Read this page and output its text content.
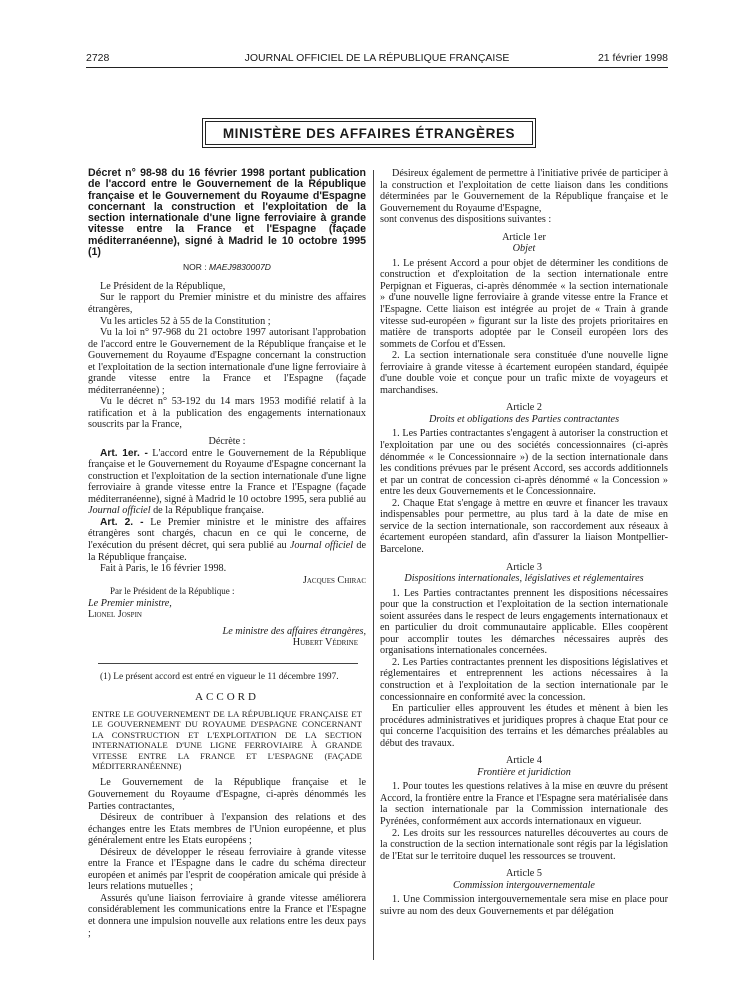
2728	JOURNAL OFFICIEL DE LA RÉPUBLIQUE FRANÇAISE	21 février 1998
MINISTÈRE DES AFFAIRES ÉTRANGÈRES

Décret n° 98-98 du 16 février 1998 portant publication de l'accord entre le Gouvernement de la République française et le Gouvernement du Royaume d'Espagne concernant la construction et l'exploitation de la section internationale d'une ligne ferroviaire à grande vitesse entre la France et l'Espagne (façade méditerranéenne), signé à Madrid le 10 octobre 1995 (1)

NOR : MAEJ9830007D

Le Président de la République,

Sur le rapport du Premier ministre et du ministre des affaires étrangères,

Vu les articles 52 à 55 de la Constitution ;

Vu la loi n° 97-968 du 21 octobre 1997 autorisant l'approbation de l'accord entre le Gouvernement de la République française et le Gouvernement du Royaume d'Espagne concernant la construction et l'exploitation de la section internationale d'une ligne ferroviaire à grande vitesse entre la France et l'Espagne (façade méditerranéenne) ;

Vu le décret n° 53-192 du 14 mars 1953 modifié relatif à la ratification et à la publication des engagements internationaux souscrits par la France,

Décrète :

Art. 1er. - L'accord entre le Gouvernement de la République française et le Gouvernement du Royaume d'Espagne concernant la construction et l'exploitation de la section internationale d'une ligne ferroviaire à grande vitesse entre la France et l'Espagne (façade méditerranéenne), signé à Madrid le 10 octobre 1995, sera publié au Journal officiel de la République française.

Art. 2. - Le Premier ministre et le ministre des affaires étrangères sont chargés, chacun en ce qui le concerne, de l'exécution du présent décret, qui sera publié au Journal officiel de la République française.

Fait à Paris, le 16 février 1998.

Jacques Chirac

Par le Président de la République :

Le Premier ministre,

Lionel Jospin

Le ministre des affaires étrangères,

Hubert Védrine

(1) Le présent accord est entré en vigueur le 11 décembre 1997.

ACCORD

ENTRE LE GOUVERNEMENT DE LA RÉPUBLIQUE FRANÇAISE ET LE GOUVERNEMENT DU ROYAUME D'ESPAGNE CONCERNANT LA CONSTRUCTION ET L'EXPLOITATION DE LA SECTION INTERNATIONALE D'UNE LIGNE FERROVIAIRE À GRANDE VITESSE ENTRE LA FRANCE ET L'ESPAGNE (FAÇADE MÉDITERRANÉENNE)

Le Gouvernement de la République française et le Gouvernement du Royaume d'Espagne, ci-après dénommés les Parties contractantes,

Désireux de contribuer à l'expansion des relations et des échanges entre les Etats membres de l'Union européenne, et plus généralement entre les Etats européens ;

Désireux de développer le réseau ferroviaire à grande vitesse entre la France et l'Espagne dans le cadre du schéma directeur européen et animés par l'esprit de coopération amicale qui préside à leurs relations mutuelles ;

Assurés qu'une liaison ferroviaire à grande vitesse améliorera considérablement les communications entre la France et l'Espagne et donnera une impulsion nouvelle aux relations entre les deux pays ;

Désireux également de permettre à l'initiative privée de participer à la construction et l'exploitation de cette liaison dans les conditions déterminées par le Gouvernement de la République française et le Gouvernement du Royaume d'Espagne,

sont convenus des dispositions suivantes :

Article 1er

Objet

1. Le présent Accord a pour objet de déterminer les conditions de construction et d'exploitation de la section internationale entre Perpignan et Figueras, ci-après dénommée « la section internationale » d'une nouvelle ligne ferroviaire à grande vitesse entre la France et l'Espagne. Cette liaison est intégrée au projet de « Train à grande vitesse sud-européen » figurant sur la liste des projets prioritaires en matière de transports adoptée par le Conseil européen lors des sommets de Corfou et d'Essen.

2. La section internationale sera constituée d'une nouvelle ligne ferroviaire à grande vitesse à écartement européen standard, équipée d'une double voie et conçue pour un trafic mixte de voyageurs et marchandises.

Article 2

Droits et obligations des Parties contractantes

1. Les Parties contractantes s'engagent à autoriser la construction et l'exploitation par une ou des sociétés concessionnaires (ci-après dénommée « le Concessionnaire ») de la section internationale dans les conditions prévues par le présent Accord, ses accords additionnels et par un contrat de concession ci-après dénommé « la Concession » entre les deux Gouvernements et le Concessionnaire.

2. Chaque Etat s'engage à mettre en œuvre et financer les travaux indispensables pour permettre, au plus tard à la date de mise en service de la section internationale, son raccordement aux réseaux à écartement européen standard, afin d'assurer la liaison Montpellier-Barcelone.

Article 3

Dispositions internationales, législatives et réglementaires

1. Les Parties contractantes prennent les dispositions nécessaires pour que la construction et l'exploitation de la section internationale soient assurées dans le respect de leurs engagements internationaux et en particulier du droit communautaire applicable. Elles coopèrent pour accomplir toutes les démarches nécessaires auprès des organisations internationales concernées.

2. Les Parties contractantes prennent les dispositions législatives et réglementaires et entreprennent les actions nécessaires à la construction et à l'exploitation de la section internationale par le concessionnaire en conformité avec la concession.

En particulier elles approuvent les études et mènent à bien les procédures administratives et juridiques propres à chaque Etat pour ce qui concerne l'acquisition des terrains et les démarches préalables au début des travaux.

Article 4

Frontière et juridiction

1. Pour toutes les questions relatives à la mise en œuvre du présent Accord, la frontière entre la France et l'Espagne sera matérialisée dans la section internationale par la Commission internationale des Pyrénées, conformément aux accords internationaux en vigueur.

2. Les droits sur les ressources naturelles découvertes au cours de la construction de la section internationale sont régis par la législation de l'Etat sur le territoire duquel les ressources se trouvent.

Article 5

Commission intergouvernementale

1. Une Commission intergouvernementale sera mise en place pour suivre au nom des deux Gouvernements et par délégation
